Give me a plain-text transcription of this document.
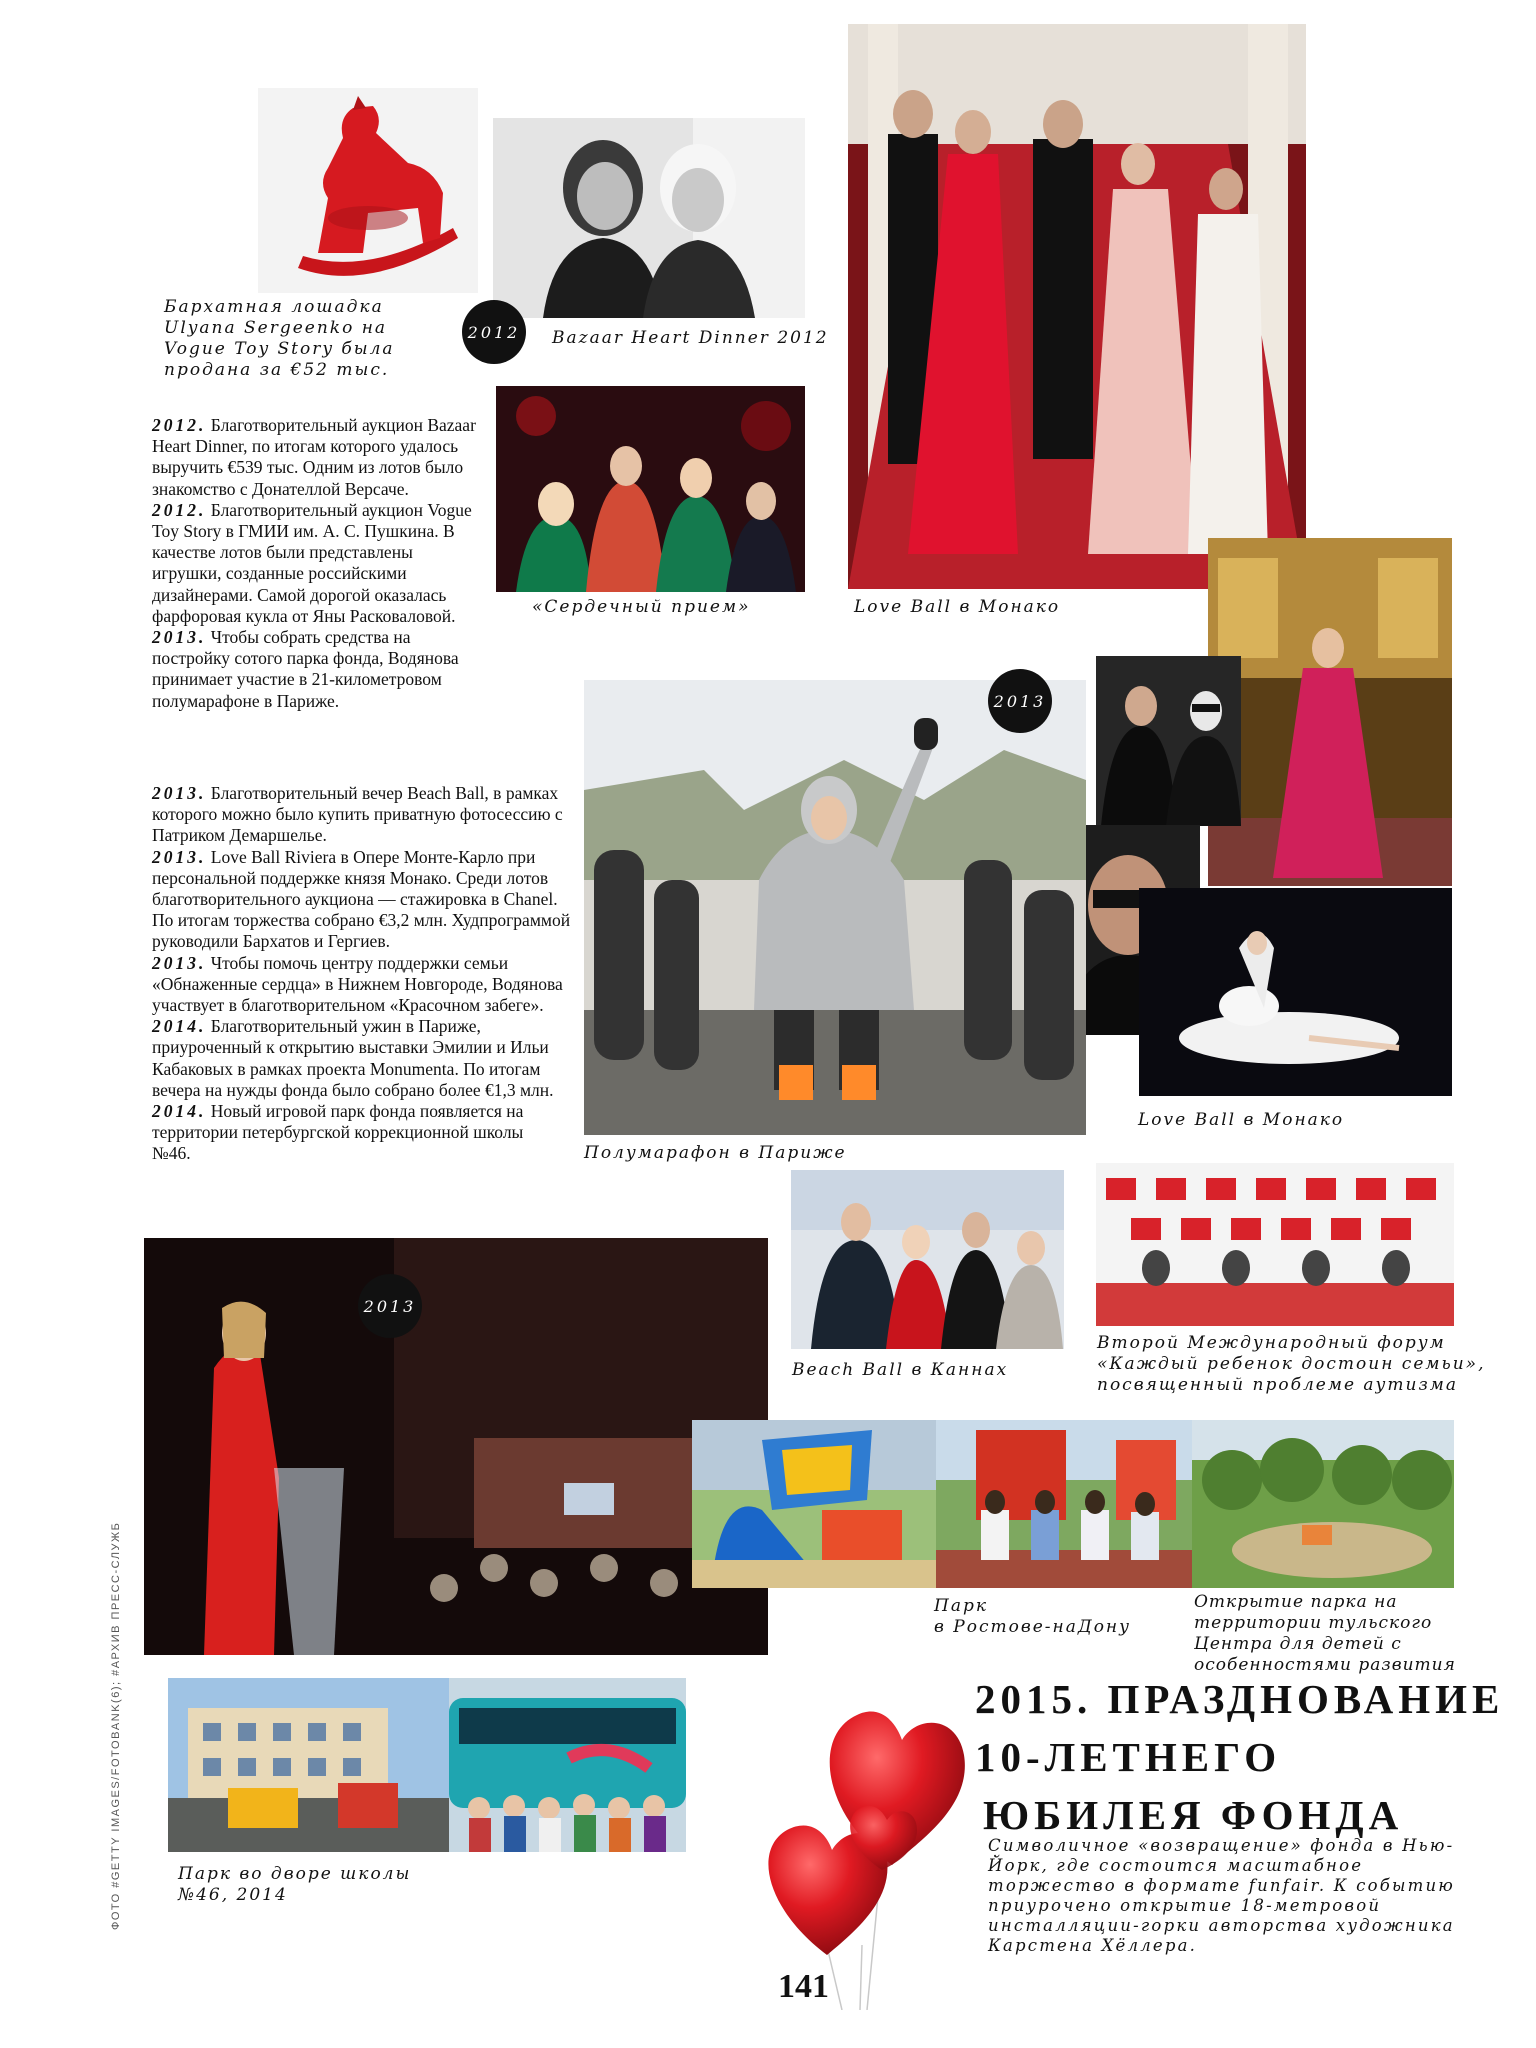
2012
2013
2013
Бархатная лошадка Ulyana Sergeenko на Vogue Toy Story была продана за €52 тыс.
Bazaar Heart Dinner 2012
«Сердечный прием»	Love Ball в Монако
Полумарафон в Париже
Love Ball в Монако
Beach Ball в Каннах
Второй Международный форум
«Каждый ребенок достоин семьи»,
посвященный проблеме аутизма
Парк
в Ростове-наДону
Открытие парка на территории тульского Центра для детей с особенностями развития
Парк во дворе школы
№46, 2014

2012. Благотворительный аукцион Bazaar Heart Dinner, по итогам которого удалось выручить €539 тыс. Одним из лотов было знакомство с Донателлой Версаче.

2012. Благотворительный аукцион Vogue Toy Story в ГМИИ им. А. С. Пушкина. В качестве лотов были представлены игрушки, созданные российскими дизайнерами. Самой дорогой оказалась фарфоровая кукла от Яны Расковаловой.

2013. Чтобы собрать средства на постройку сотого парка фонда, Водянова принимает участие в 21-километровом полумарафоне в Париже.

2013. Благотворительный вечер Beach Ball, в рамках которого можно было купить приватную фотосессию с Патриком Демаршелье.

2013. Love Ball Riviera в Опере Монте-Карло при персональной поддержке князя Монако. Среди лотов благотворительного аукциона — стажировка в Chanel. По итогам торжества собрано €3,2 млн. Худпрограммой руководили Бархатов и Гергиев.

2013. Чтобы помочь центру поддержки семьи «Обнаженные сердца» в Нижнем Новгороде, Водянова участвует в благотворительном «Красочном забеге».

2014. Благотворительный ужин в Париже, приуроченный к открытию выставки Эмилии и Ильи Кабаковых в рамках проекта Monumenta. По итогам вечера на нужды фонда было собрано более €1,3 млн.

2014. Новый игровой парк фонда появляется на территории петербургской коррекционной школы №46.

2015. ПРАЗДНОВАНИЕ
10-ЛЕТНЕГО
ЮБИЛЕЯ ФОНДА
Символичное «возвращение» фонда в Нью-Йорк, где состоится масштабное торжество в формате funfair. К событию приурочено открытие 18-метровой инсталляции-горки авторства художника Карстена Хёллера.
ФОТО #GETTY IMAGES/FOTOBANK(6); #АРХИВ ПРЕСС-СЛУЖБ
141
